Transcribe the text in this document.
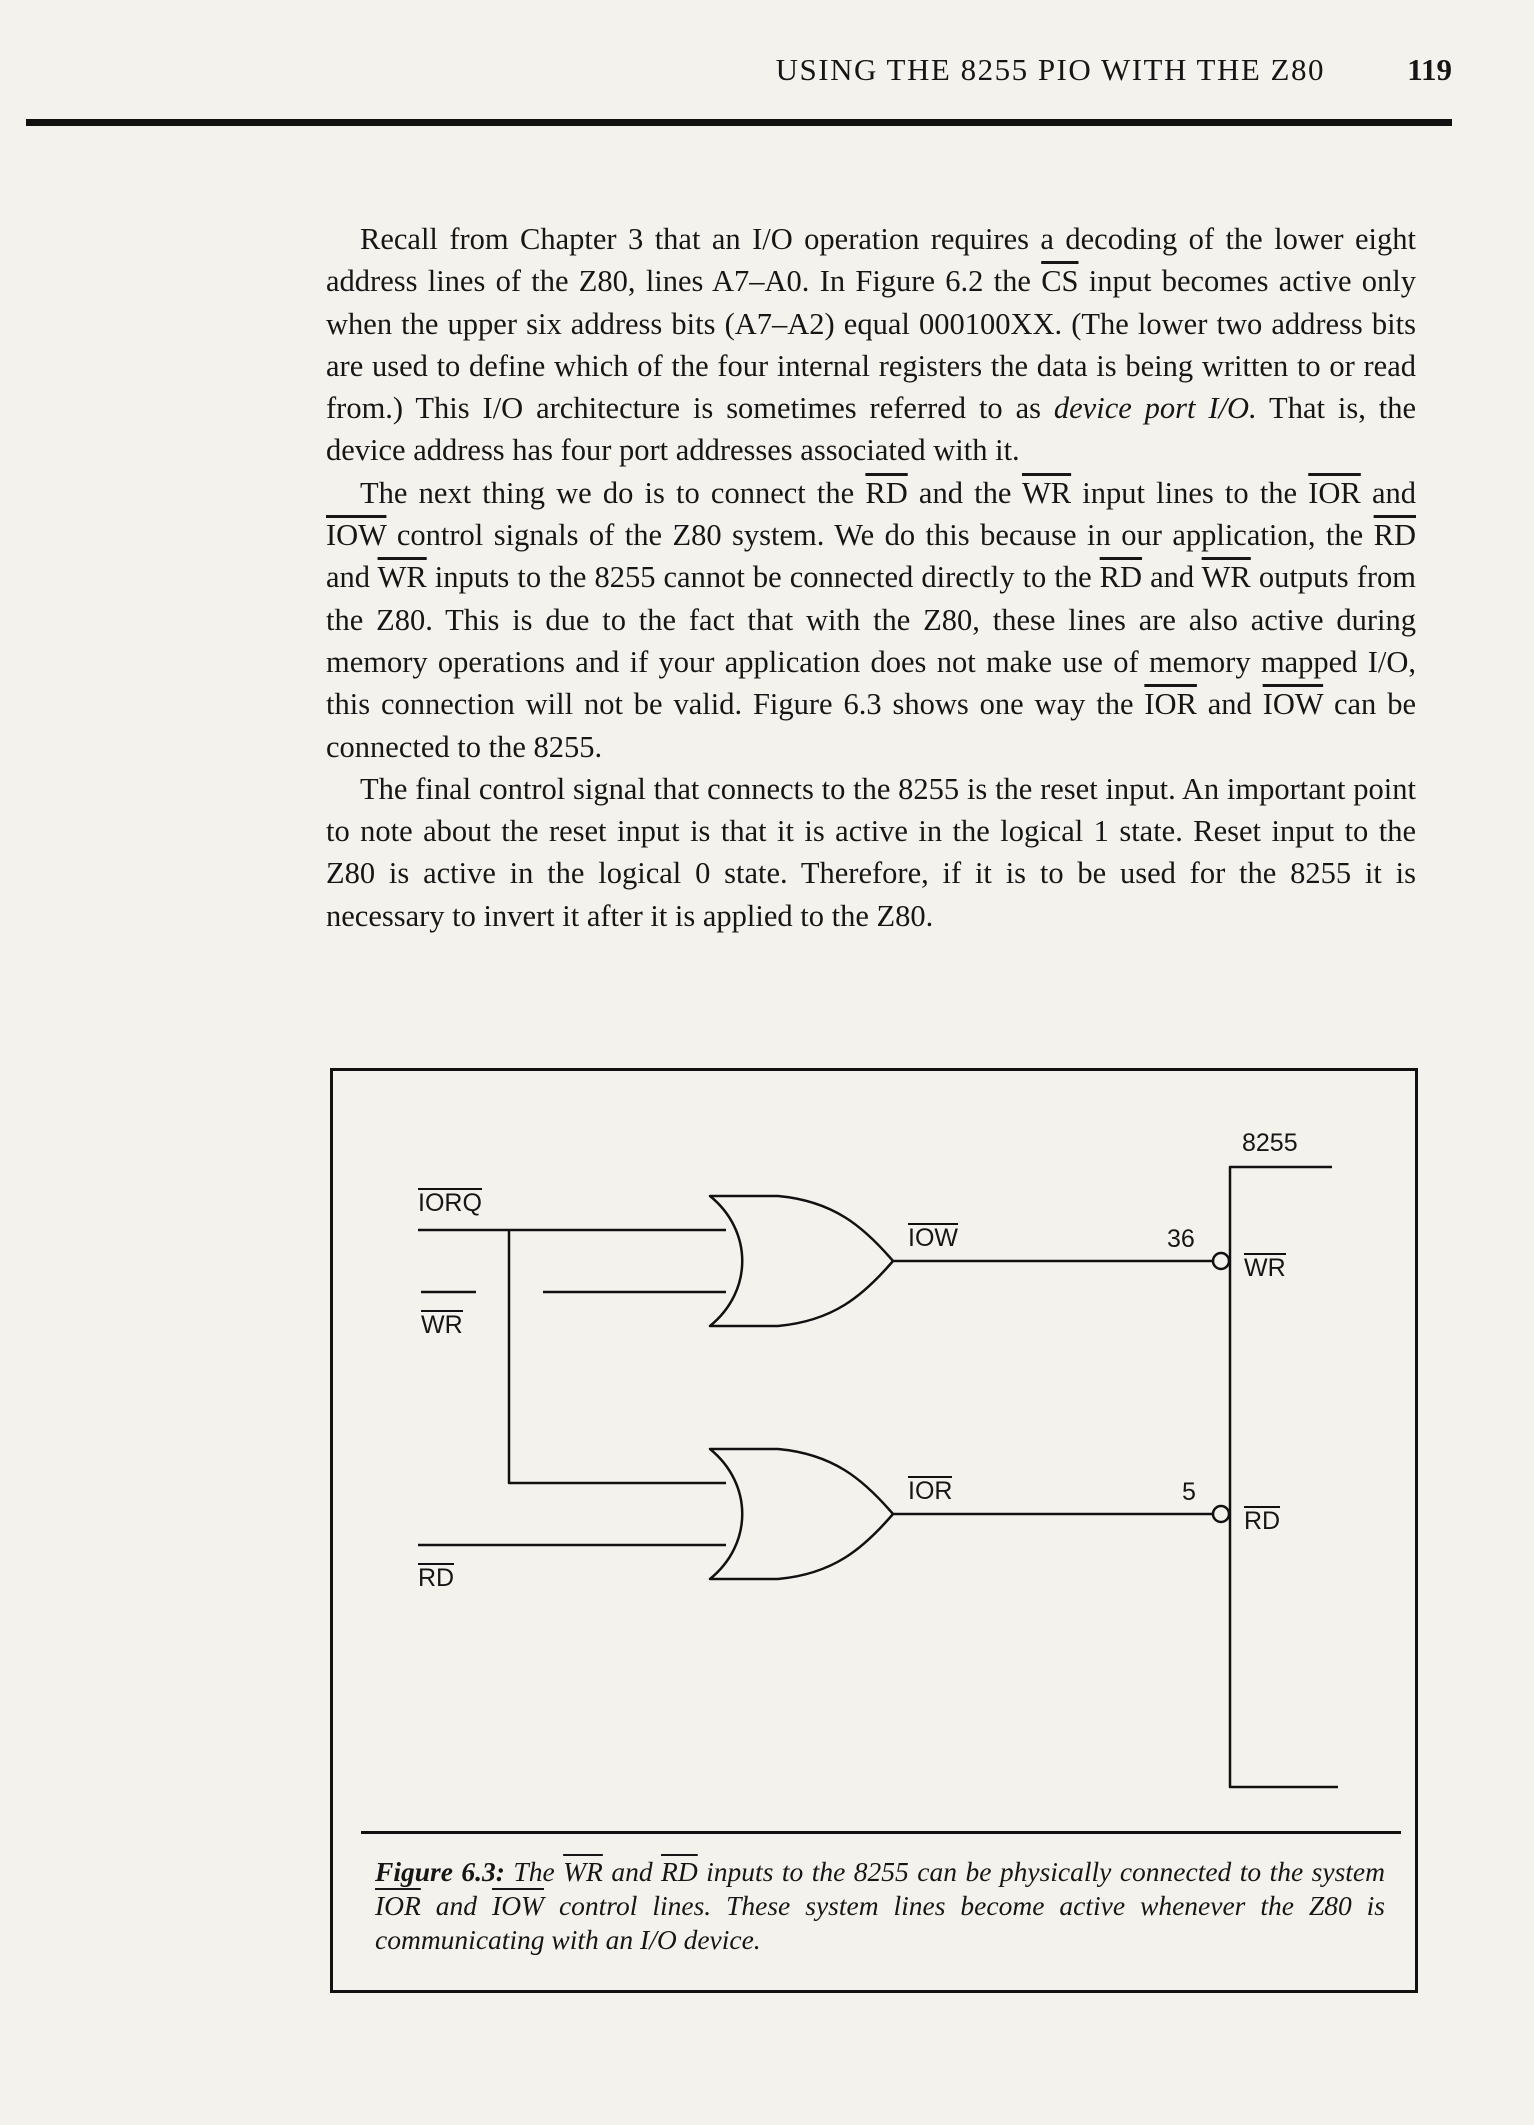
USING THE 8255 PIO WITH THE Z80	119

Recall from Chapter 3 that an I/O operation requires a decoding of the lower eight address lines of the Z80, lines A7–A0. In Figure 6.2 the $\overline{CS}$ input becomes active only when the upper six address bits (A7–A2) equal 000100XX. (The lower two address bits are used to define which of the four internal registers the data is being written to or read from.) This I/O architecture is sometimes referred to as device port I/O. That is, the device address has four port addresses associated with it.

The next thing we do is to connect the $\overline{RD}$ and the $\overline{WR}$ input lines to the $\overline{IOR}$ and $\overline{IOW}$ control signals of the Z80 system. We do this because in our application, the $\overline{RD}$ and $\overline{WR}$ inputs to the 8255 cannot be connected directly to the $\overline{RD}$ and $\overline{WR}$ outputs from the Z80. This is due to the fact that with the Z80, these lines are also active during memory operations and if your application does not make use of memory mapped I/O, this connection will not be valid. Figure 6.3 shows one way the $\overline{IOR}$ and $\overline{IOW}$ can be connected to the 8255.

The final control signal that connects to the 8255 is the reset input. An important point to note about the reset input is that it is active in the logical 1 state. Reset input to the Z80 is active in the logical 0 state. Therefore, if it is to be used for the 8255 it is necessary to invert it after it is applied to the Z80.

8255
IORQ
WR
RD
IOW
IOR
36
5
WR
RD
Figure 6.3: The $\overline{WR}$ and $\overline{RD}$ inputs to the 8255 can be physically connected to the system $\overline{IOR}$ and $\overline{IOW}$ control lines. These system lines become active whenever the Z80 is communicating with an I/O device.
